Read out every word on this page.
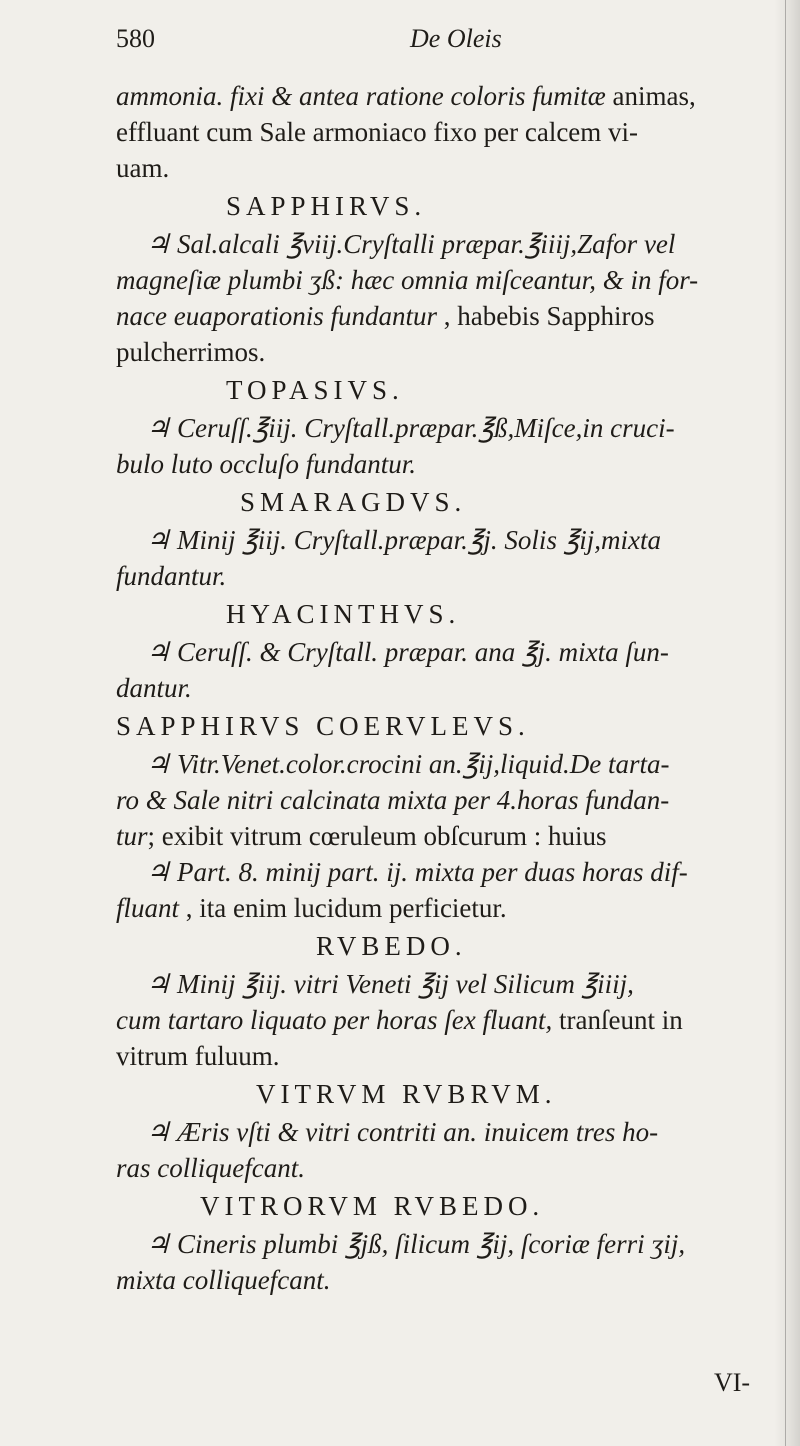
580	De Oleis
ammonia. fixi & antea ratione coloris fumitæ animas,
effluant cum Sale armoniaco fixo per calcem vi-
uam.
SAPPHIRVS.
♃ Sal.alcali ℥viij.Cryſtalli præpar.℥iiij,Zafor vel
magneſiæ plumbi ʒß: hæc omnia miſceantur, & in for-
nace euaporationis fundantur , habebis Sapphiros
pulcherrimos.
TOPASIVS.
♃ Ceruſſ.℥iij. Cryſtall.præpar.℥ß,Miſce,in cruci-
bulo luto occluſo fundantur.
SMARAGDVS.
♃ Minij ℥iij. Cryſtall.præpar.℥j. Solis ℥ij,mixta
fundantur.
HYACINTHVS.
♃ Ceruſſ. & Cryſtall. præpar. ana ℥j. mixta ſun-
dantur.
SAPPHIRVS COERVLEVS.
♃ Vitr.Venet.color.crocini an.℥ij,liquid.De tarta-
ro & Sale nitri calcinata mixta per 4.horas fundan-
tur; exibit vitrum cœruleum obſcurum : huius
♃ Part. 8. minij part. ij. mixta per duas horas dif-
fluant , ita enim lucidum perficietur.
RVBEDO.
♃ Minij ℥iij. vitri Veneti ℥ij vel Silicum ℥iiij,
cum tartaro liquato per horas ſex fluant, tranſeunt in
vitrum fuluum.
VITRVM RVBRVM.
♃ Æris vſti & vitri contriti an. inuicem tres ho-
ras colliquefcant.
VITRORVM RVBEDO.
♃ Cineris plumbi ℥jß, ſilicum ℥ij, ſcoriæ ferri ʒij,
mixta colliquefcant.
VI-
